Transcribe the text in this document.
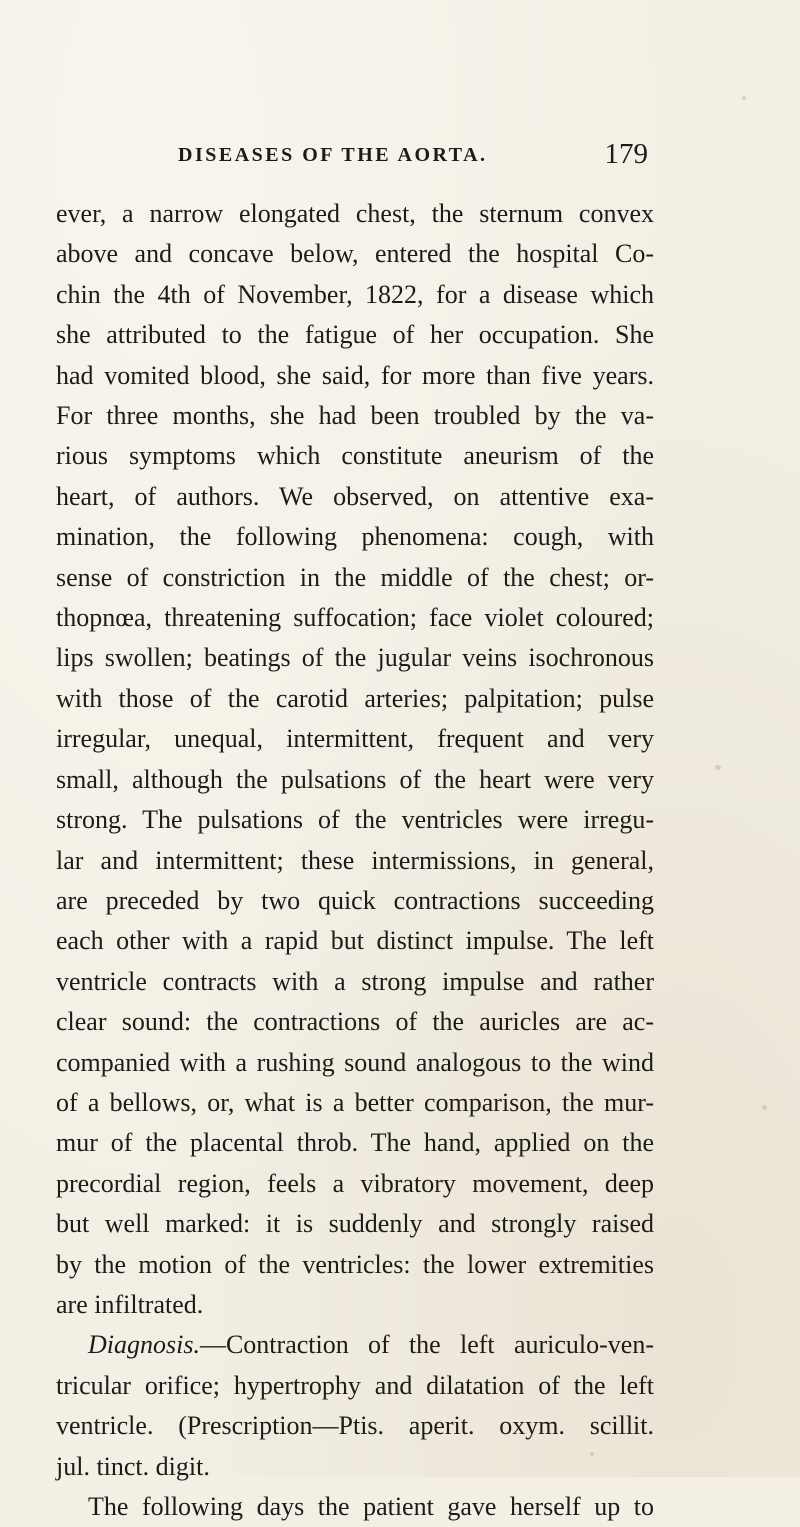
DISEASES OF THE AORTA.	179
ever, a narrow elongated chest, the sternum convex
above and concave below, entered the hospital Co-
chin the 4th of November, 1822, for a disease which
she attributed to the fatigue of her occupation. She
had vomited blood, she said, for more than five years.
For three months, she had been troubled by the va-
rious symptoms which constitute aneurism of the
heart, of authors. We observed, on attentive exa-
mination, the following phenomena: cough, with
sense of constriction in the middle of the chest; or-
thopnœa, threatening suffocation; face violet coloured;
lips swollen; beatings of the jugular veins isochronous
with those of the carotid arteries; palpitation; pulse
irregular, unequal, intermittent, frequent and very
small, although the pulsations of the heart were very
strong. The pulsations of the ventricles were irregu-
lar and intermittent; these intermissions, in general,
are preceded by two quick contractions succeeding
each other with a rapid but distinct impulse. The left
ventricle contracts with a strong impulse and rather
clear sound: the contractions of the auricles are ac-
companied with a rushing sound analogous to the wind
of a bellows, or, what is a better comparison, the mur-
mur of the placental throb. The hand, applied on the
precordial region, feels a vibratory movement, deep
but well marked: it is suddenly and strongly raised
by the motion of the ventricles: the lower extremities
are infiltrated.
Diagnosis.—Contraction of the left auriculo-ven-
tricular orifice; hypertrophy and dilatation of the left
ventricle. (Prescription—Ptis. aperit. oxym. scillit.
jul. tinct. digit.
The following days the patient gave herself up to
